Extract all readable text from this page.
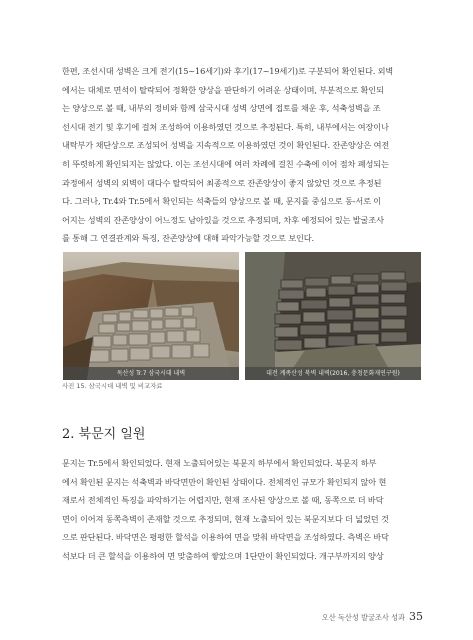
한편, 조선시대 성벽은 크게 전기(15~16세기)와 후기(17~19세기)로 구분되어 확인된다. 외벽
에서는 대체로 면석이 탈락되어 정확한 양상을 판단하기 어려운 상태이며, 부분적으로 확인되
는 양상으로 볼 때, 내부의 정비와 함께 삼국시대 성벽 상면에 접토를 채운 후, 석축성벽을 조
선시대 전기 및 후기에 걸쳐 조성하여 이용하였던 것으로 추정된다. 특히, 내부에서는 여장이나
내탁부가 채단상으로 조성되어 성벽을 지속적으로 이용하였던 것이 확인된다. 잔존양상은 여전
히 뚜렷하게 확인되지는 않았다. 이는 조선시대에 여러 차례에 걸친 수축에 이어 점차 폐성되는
과정에서 성벽의 외벽이 대다수 탈락되어 최종적으로 잔존양상이 좋지 않았던 것으로 추정된
다. 그러나, Tr.4와 Tr.5에서 확인되는 석축들의 양상으로 볼 때, 문지를 중심으로 동-서로 이
어지는 성벽의 잔존양상이 어느정도 남아있을 것으로 추정되며, 차후 예정되어 있는 발굴조사
를 통해 그 연결관계와 특징, 잔존양상에 대해 파악가능할 것으로 보인다.
독산성 Tr.7 삼국시대 내벽	대전 계족산성 북벽 내벽(2016, 충청문화재연구원)
사진 15. 삼국시대 내벽 및 비교자료
2. 북문지 일원
문지는 Tr.5에서 확인되었다. 현재 노출되어있는 북문지 하부에서 확인되었다. 북문지 하부
에서 확인된 문지는 석축벽과 바닥면만이 확인된 상태이다. 전체적인 규모가 확인되지 않아 현
재로서 전체적인 특징을 파악하기는 어렵지만, 현재 조사된 양상으로 볼 때, 동쪽으로 더 바닥
면이 이어져 동쪽측벽이 존재할 것으로 추정되며, 현재 노출되어 있는 북문지보다 더 넓었던 것
으로 판단된다. 바닥면은 평평한 할석을 이용하여 면을 맞춰 바닥면을 조성하였다. 측벽은 바닥
석보다 더 큰 할석을 이용하여 면 맞춤하여 쌓았으며 1단만이 확인되었다. 개구부까지의 양상
오산 독산성 발굴조사 성과 35
